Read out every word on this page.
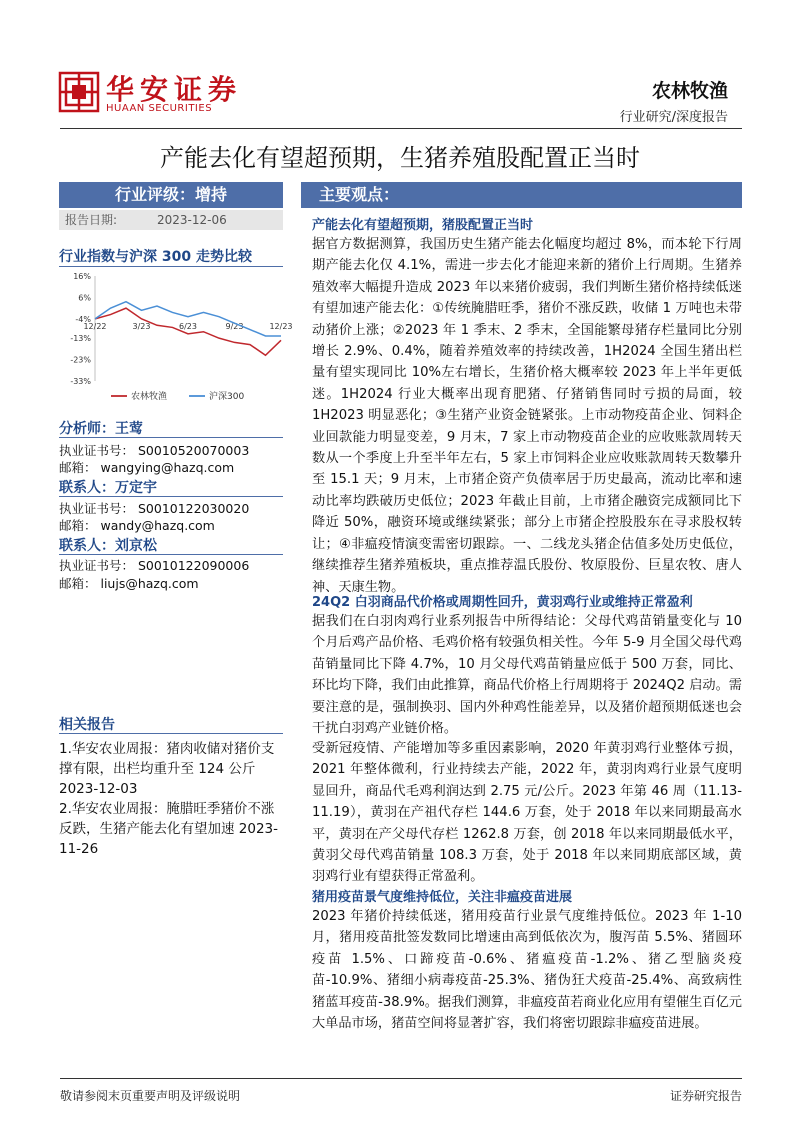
华安证券
HUAAN SECURITIES
农林牧渔
行业研究/深度报告
产能去化有望超预期，生猪养殖股配置正当时
行业评级：增持
报告日期:	2023-12-06
行业指数与沪深 300 走势比较
16%
6%
-4%
-13%
-23%
-33%
12/22	3/23	6/23	9/23	12/23
农林牧渔	沪深300
分析师：王莺
执业证书号： S0010520070003
邮箱： wangying@hazq.com
联系人：万定宇
执业证书号： S0010122030020
邮箱： wandy@hazq.com
联系人：刘京松
执业证书号： S0010122090006
邮箱： liujs@hazq.com
相关报告
1.华安农业周报：猪肉收储对猪价支撑有限，出栏均重升至 124 公斤 2023-12-03
2.华安农业周报：腌腊旺季猪价不涨反跌，生猪产能去化有望加速 2023-11-26
主要观点：
产能去化有望超预期，猪股配置正当时
据官方数据测算，我国历史生猪产能去化幅度均超过 8%，而本轮下行周期产能去化仅 4.1%，需进一步去化才能迎来新的猪价上行周期。生猪养殖效率大幅提升造成 2023 年以来猪价疲弱，我们判断生猪价格持续低迷有望加速产能去化：①传统腌腊旺季，猪价不涨反跌，收储 1 万吨也未带动猪价上涨；②2023 年 1 季末、2 季末，全国能繁母猪存栏量同比分别增长 2.9%、0.4%，随着养殖效率的持续改善，1H2024 全国生猪出栏量有望实现同比 10%左右增长，生猪价格大概率较 2023 年上半年更低迷。1H2024 行业大概率出现育肥猪、仔猪销售同时亏损的局面，较 1H2023 明显恶化；③生猪产业资金链紧张。上市动物疫苗企业、饲料企业回款能力明显变差，9 月末，7 家上市动物疫苗企业的应收账款周转天数从一个季度上升至半年左右，5 家上市饲料企业应收账款周转天数攀升至 15.1 天；9 月末，上市猪企资产负债率居于历史最高，流动比率和速动比率均跌破历史低位；2023 年截止目前，上市猪企融资完成额同比下降近 50%，融资环境或继续紧张；部分上市猪企控股股东在寻求股权转让；④非瘟疫情演变需密切跟踪。一、二线龙头猪企估值多处历史低位，继续推荐生猪养殖板块，重点推荐温氏股份、牧原股份、巨星农牧、唐人神、天康生物。
24Q2 白羽商品代价格或周期性回升，黄羽鸡行业或维持正常盈利
据我们在白羽肉鸡行业系列报告中所得结论：父母代鸡苗销量变化与 10 个月后鸡产品价格、毛鸡价格有较强负相关性。今年 5-9 月全国父母代鸡苗销量同比下降 4.7%，10 月父母代鸡苗销量应低于 500 万套，同比、环比均下降，我们由此推算，商品代价格上行周期将于 2024Q2 启动。需要注意的是，强制换羽、国内外种鸡性能差异，以及猪价超预期低迷也会干扰白羽鸡产业链价格。
受新冠疫情、产能增加等多重因素影响，2020 年黄羽鸡行业整体亏损，2021 年整体微利，行业持续去产能，2022 年，黄羽肉鸡行业景气度明显回升，商品代毛鸡利润达到 2.75 元/公斤。2023 年第 46 周（11.13-11.19），黄羽在产祖代存栏 144.6 万套，处于 2018 年以来同期最高水平，黄羽在产父母代存栏 1262.8 万套，创 2018 年以来同期最低水平，黄羽父母代鸡苗销量 108.3 万套，处于 2018 年以来同期底部区域，黄羽鸡行业有望获得正常盈利。
猪用疫苗景气度维持低位，关注非瘟疫苗进展
2023 年猪价持续低迷，猪用疫苗行业景气度维持低位。2023 年 1-10 月，猪用疫苗批签发数同比增速由高到低依次为，腹泻苗 5.5%、猪圆环疫苗 1.5%、口蹄疫苗-0.6%、猪瘟疫苗-1.2%、猪乙型脑炎疫苗-10.9%、猪细小病毒疫苗-25.3%、猪伪狂犬疫苗-25.4%、高致病性猪蓝耳疫苗-38.9%。据我们测算，非瘟疫苗若商业化应用有望催生百亿元大单品市场，猪苗空间将显著扩容，我们将密切跟踪非瘟疫苗进展。
敬请参阅末页重要声明及评级说明	证券研究报告
